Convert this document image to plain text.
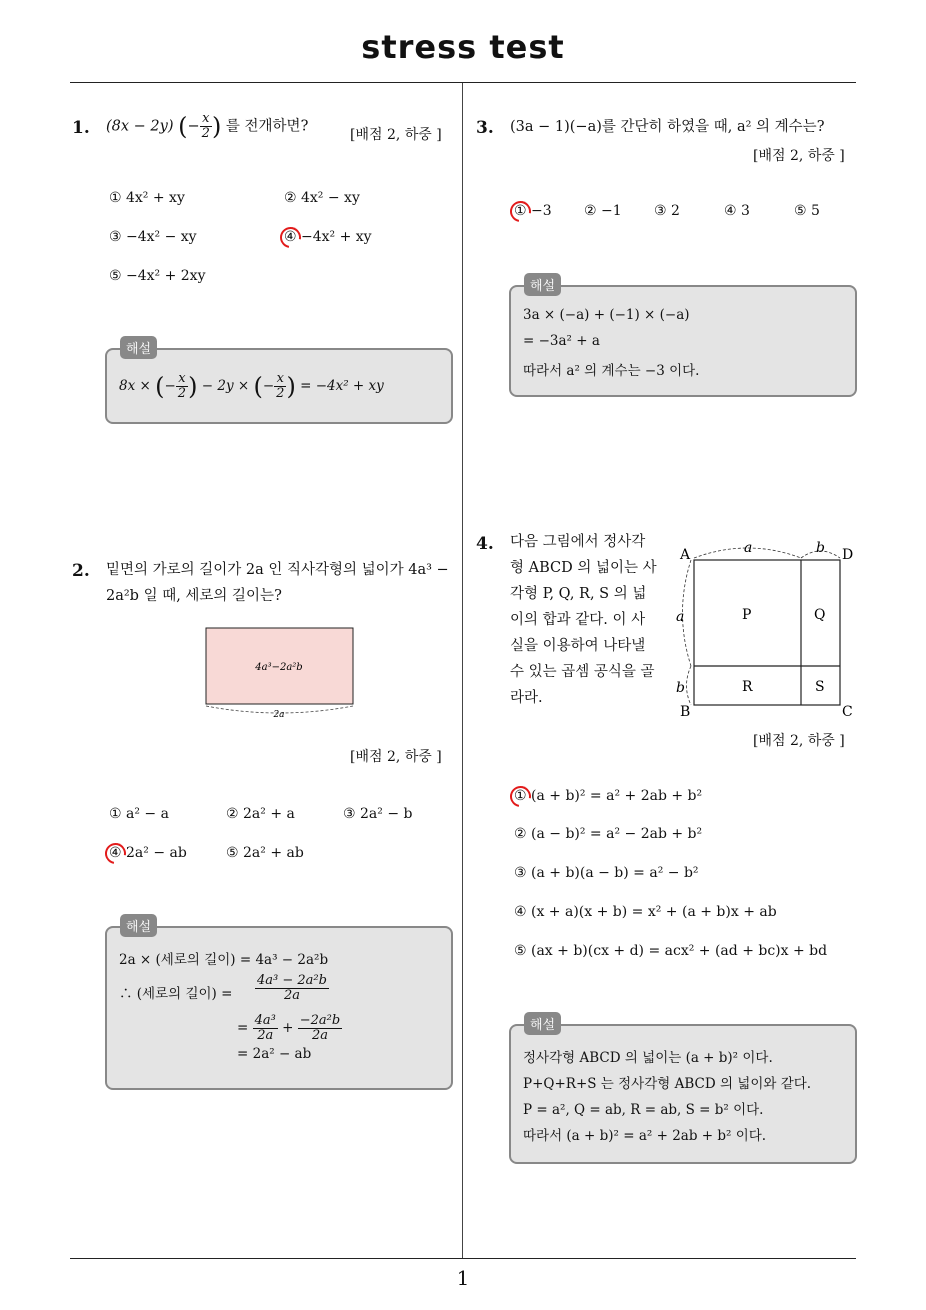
stress test
1
1. (8x − 2y) (− $\frac{x}{2}$ ) 를 전개하면?
[배점 2, 하중 ]
① 4x² + xy	② 4x² − xy
③ −4x² − xy	④ −4x² + xy
⑤ −4x² + 2xy
8x × (− $\frac{x}{2}$ ) − 2y × (− $\frac{x}{2}$ ) = −4x² + xy
해설
2. 밑면의 가로의 길이가 2a 인 직사각형의 넓이가 4a³ −
2a²b 일 때, 세로의 길이는?
4a³−2a²b
2a
[배점 2, 하중 ]
① a² − a	② 2a² + a	③ 2a² − b
④ 2a² − ab	⑤ 2a² + ab
2a × (세로의 길이) = 4a³ − 2a²b
∴ (세로의 길이) = $\frac{\text{4a³ − 2a²b}}{2a}$
= $\frac{\text{4a³}}{2a} + \frac{\text{−2a²b}}{2a}$
= 2a² − ab
해설
3. (3a − 1)(−a)를 간단히 하였을 때, a² 의 계수는?
[배점 2, 하중 ]
① −3 ② −1 ③ 2	④ 3	⑤ 5
3a × (−a) + (−1) × (−a)
= −3a² + a
따라서 a² 의 계수는 −3 이다.
해설
4. 다음 그림에서 정사각
형 ABCD 의 넓이는 사
각형 P, Q, R, S 의 넓
이의 합과 같다. 이 사
실을 이용하여 나타낼
수 있는 곱셈 공식을 골
라라.
A
B	C
D
a	b
a
b
P	Q
R	S
[배점 2, 하중 ]
① (a + b)² = a² + 2ab + b²
② (a − b)² = a² − 2ab + b²
③ (a + b)(a − b) = a² − b²
④ (x + a)(x + b) = x² + (a + b)x + ab
⑤ (ax + b)(cx + d) = acx² + (ad + bc)x + bd
정사각형 ABCD 의 넓이는 (a + b)² 이다.
P+Q+R+S 는 정사각형 ABCD 의 넓이와 같다.
P = a², Q = ab, R = ab, S = b² 이다.
따라서 (a + b)² = a² + 2ab + b² 이다.
해설
